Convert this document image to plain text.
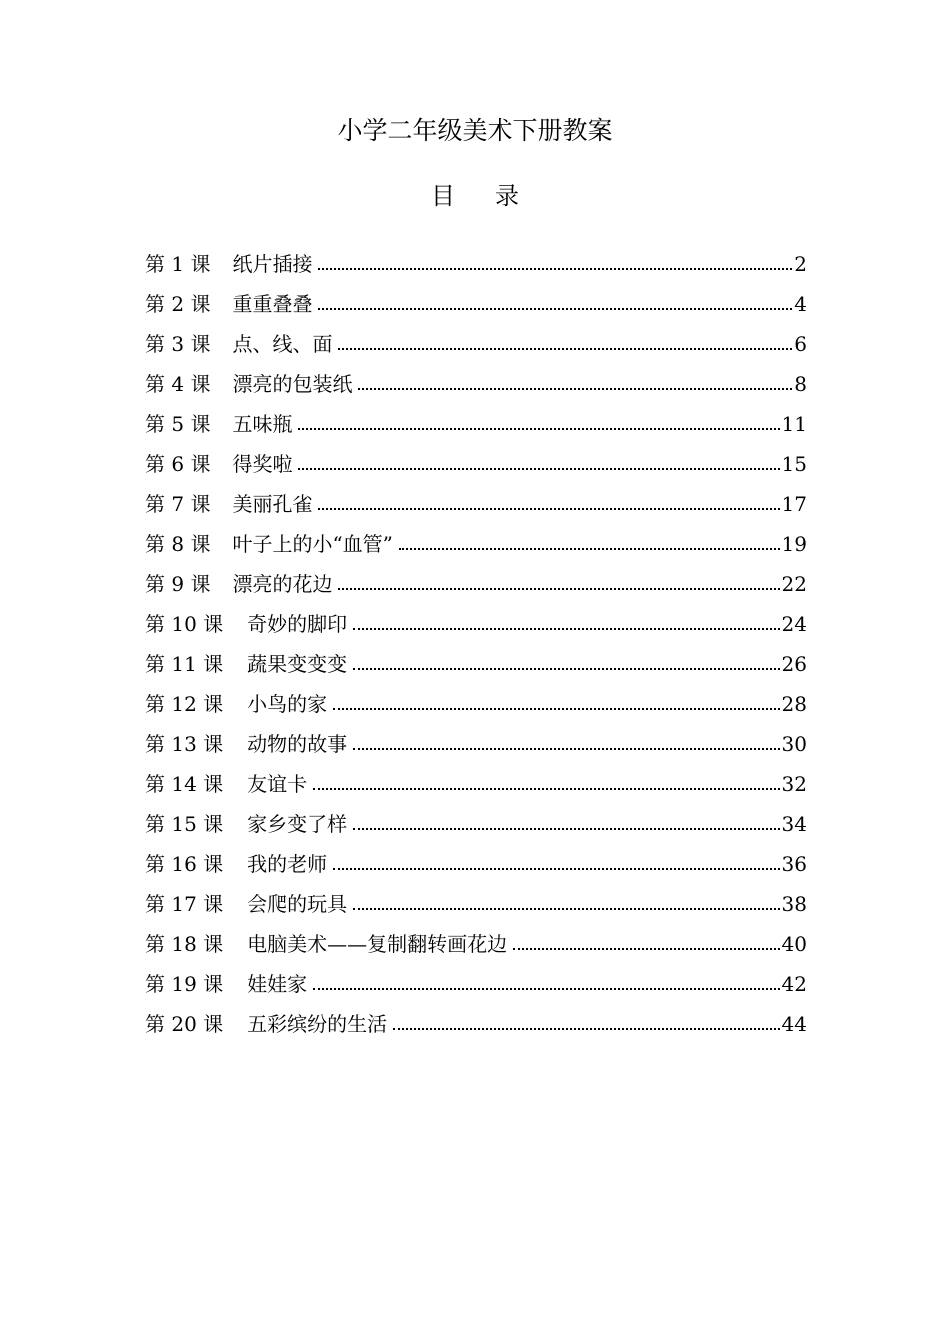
小学二年级美术下册教案
目 录
第 1 课 纸片插接	2
第 2 课 重重叠叠	4
第 3 课 点、线、面	6
第 4 课 漂亮的包装纸	8
第 5 课 五味瓶	11
第 6 课 得奖啦	15
第 7 课 美丽孔雀	17
第 8 课 叶子上的小“血管”	19
第 9 课 漂亮的花边	22
第 10 课 奇妙的脚印	24
第 11 课 蔬果变变变	26
第 12 课 小鸟的家	28
第 13 课 动物的故事	30
第 14 课 友谊卡	32
第 15 课 家乡变了样	34
第 16 课 我的老师	36
第 17 课 会爬的玩具	38
第 18 课 电脑美术——复制翻转画花边	40
第 19 课 娃娃家	42
第 20 课 五彩缤纷的生活	44
